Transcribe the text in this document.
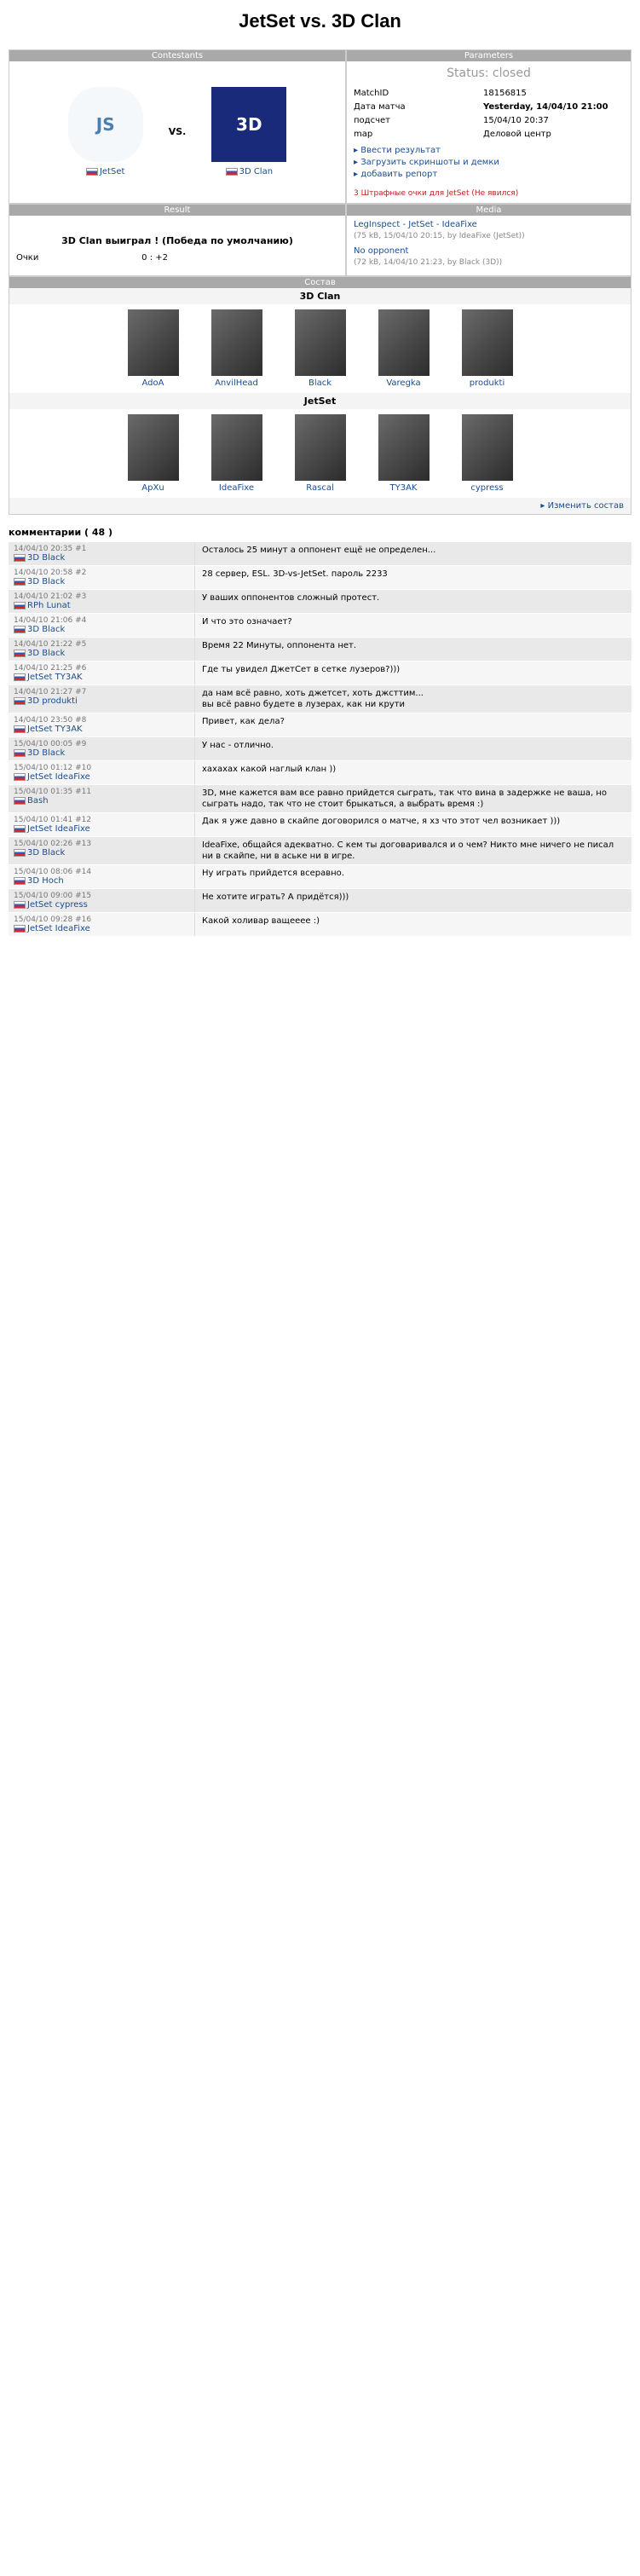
JetSet vs. 3D Clan
Contestants
JS
JetSet
VS.	3D
3D Clan
Parameters
Status: closed
MatchID	18156815
Дата матча	Yesterday, 14/04/10 21:00
подсчет	15/04/10 20:37
map	Деловой центр
▸ Ввести результат
▸ Загрузить скриншоты и демки
▸ добавить репорт
3 Штрафные очки для JetSet (Не явился)
Result
3D Clan выиграл ! (Победа по умолчанию)
Очки	0 : +2
Media
LegInspect - JetSet - IdeaFixe
(75 kB, 15/04/10 20:15, by IdeaFixe (JetSet))
No opponent
(72 kB, 14/04/10 21:23, by Black (3D))
Состав
3D Clan
AdoA	AnvilHead	Black	Varegka	produkti
JetSet
ApXu	IdeaFixe	Rascal	TY3AK	cypress
▸ Изменить состав
комментарии ( 48 )
14/04/10 20:35 #1
3D Black
Осталось 25 минут а оппонент ещё не определен...
14/04/10 20:58 #2
3D Black
28 сервер, ESL. 3D-vs-JetSet. пароль 2233
14/04/10 21:02 #3
RPh Lunat
У ваших оппонентов сложный протест.
14/04/10 21:06 #4
3D Black
И что это означает?
14/04/10 21:22 #5
3D Black
Время 22 Минуты, оппонента нет.
14/04/10 21:25 #6
JetSet TY3AK
Где ты увидел ДжетСет в сетке лузеров?)))
14/04/10 21:27 #7
3D produkti
да нам всё равно, хоть джетсет, хоть джсттим...
вы всё равно будете в лузерах, как ни крути
14/04/10 23:50 #8
JetSet TY3AK
Привет, как дела?
15/04/10 00:05 #9
3D Black
У нас - отлично.
15/04/10 01:12 #10
JetSet IdeaFixe
хахахах какой наглый клан ))
15/04/10 01:35 #11
Bash
3D, мне кажется вам все равно прийдется сыграть, так что вина в задержке не ваша, но сыграть надо, так что не стоит брыкаться, а выбрать время :)
15/04/10 01:41 #12
JetSet IdeaFixe
Дак я уже давно в скайпе договорился о матче, я хз что этот чел возникает )))
15/04/10 02:26 #13
3D Black
IdeaFixe, общайся адекватно. С кем ты договаривался и о чем? Никто мне ничего не писал ни в скайпе, ни в аське ни в игре.
15/04/10 08:06 #14
3D Hoch
Ну играть прийдется всеравно.
15/04/10 09:00 #15
JetSet cypress
Не хотите играть? А придётся)))
15/04/10 09:28 #16
JetSet IdeaFixe
Какой холивар ващееее :)
